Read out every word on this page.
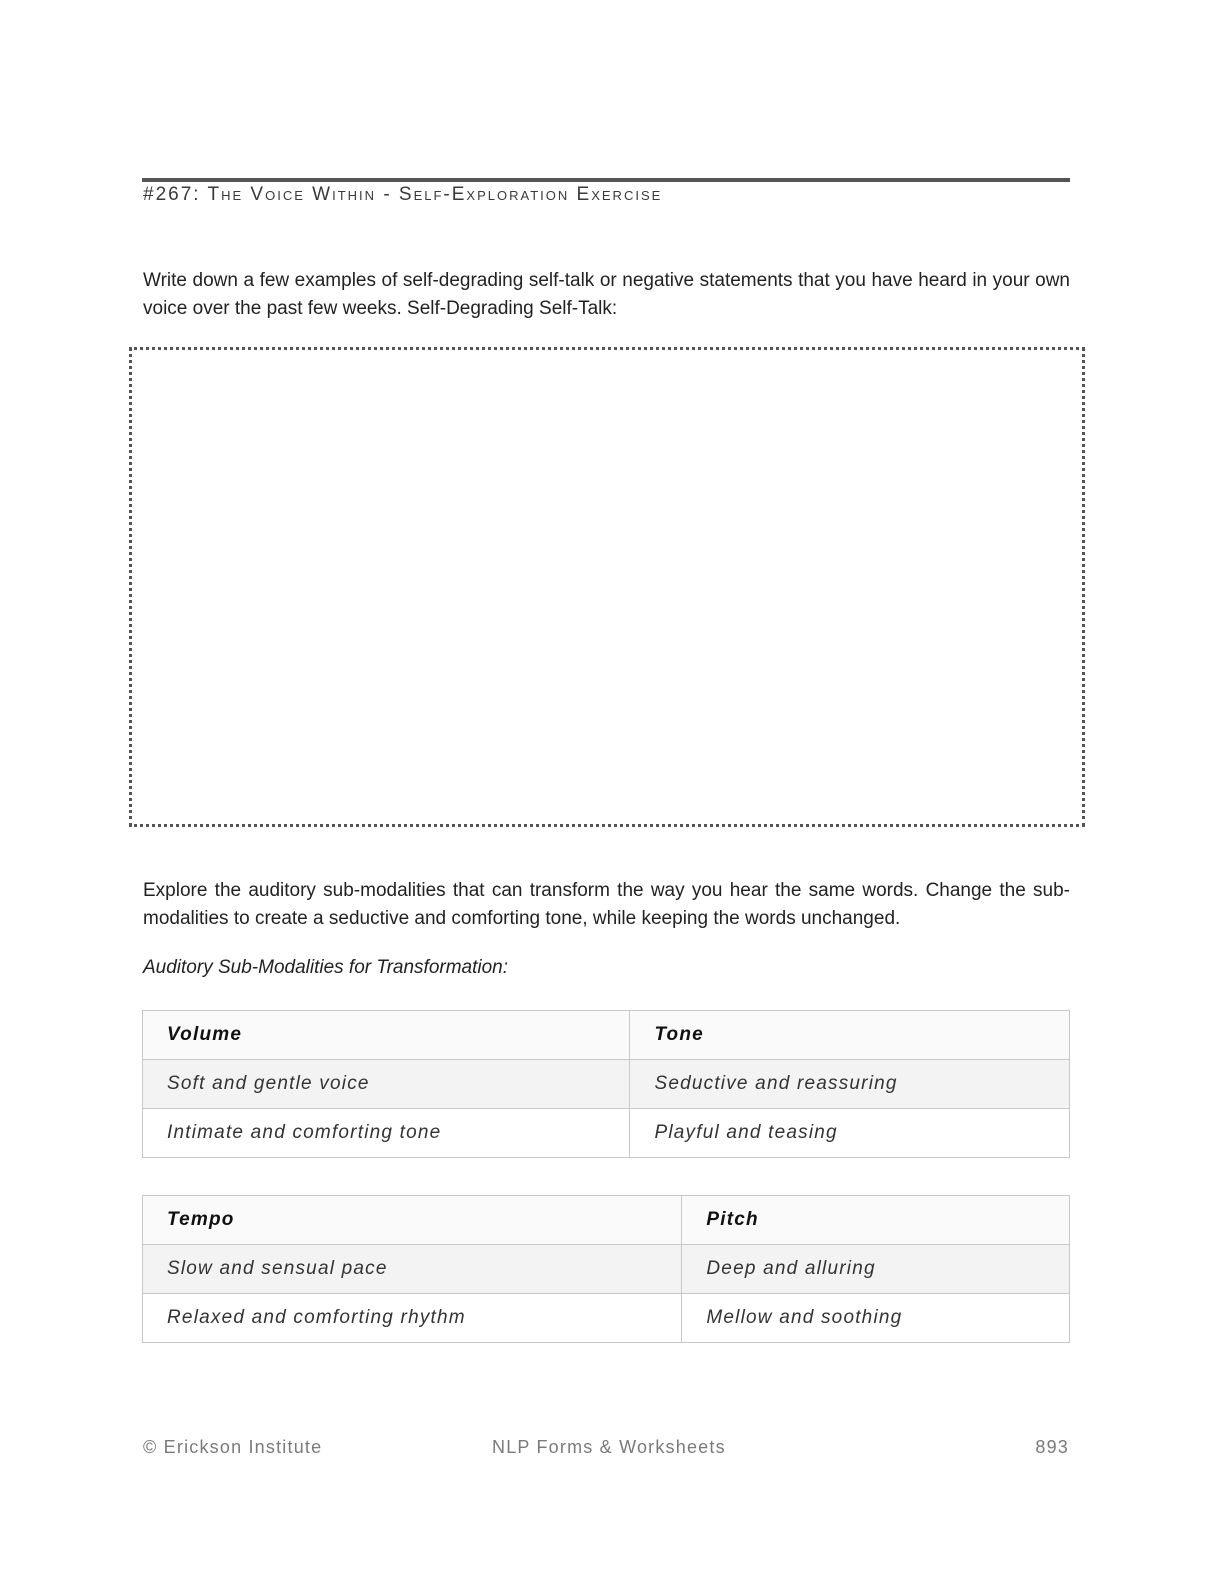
#267: The Voice Within - Self-Exploration Exercise

Write down a few examples of self-degrading self-talk or negative statements that you have heard in your own voice over the past few weeks. Self-Degrading Self-Talk:

Explore the auditory sub-modalities that can transform the way you hear the same words. Change the sub-modalities to create a seductive and comforting tone, while keeping the words unchanged.

Auditory Sub-Modalities for Transformation:

Volume	Tone
Soft and gentle voice	Seductive and reassuring
Intimate and comforting tone	Playful and teasing
Tempo	Pitch
Slow and sensual pace	Deep and alluring
Relaxed and comforting rhythm	Mellow and soothing
© Erickson Institute	NLP Forms & Worksheets	893
